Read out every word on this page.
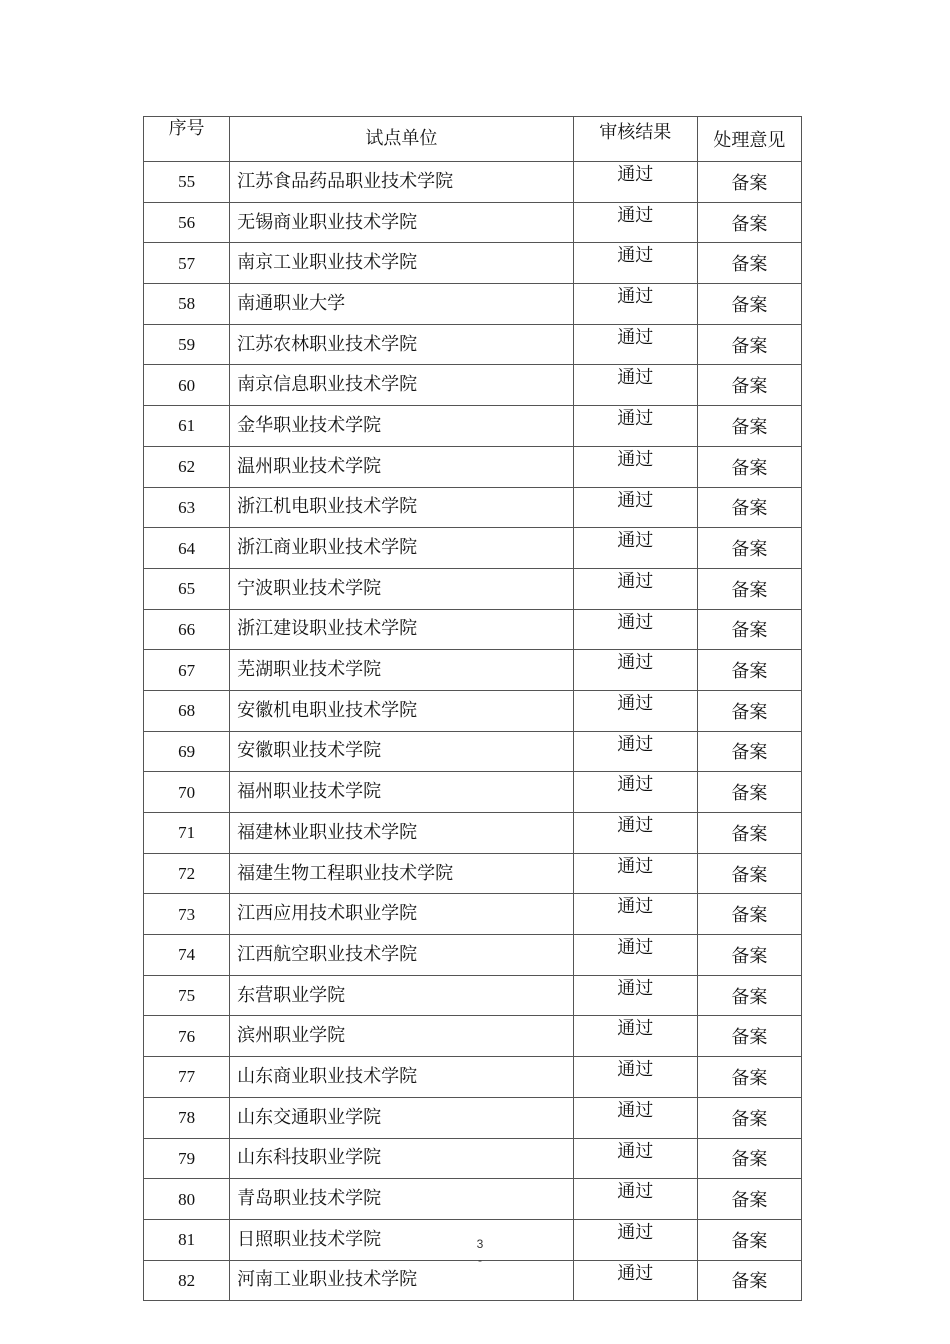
序号	试点单位	审核结果	处理意见
55	江苏食品药品职业技术学院	通过	备案
56	无锡商业职业技术学院	通过	备案
57	南京工业职业技术学院	通过	备案
58	南通职业大学	通过	备案
59	江苏农林职业技术学院	通过	备案
60	南京信息职业技术学院	通过	备案
61	金华职业技术学院	通过	备案
62	温州职业技术学院	通过	备案
63	浙江机电职业技术学院	通过	备案
64	浙江商业职业技术学院	通过	备案
65	宁波职业技术学院	通过	备案
66	浙江建设职业技术学院	通过	备案
67	芜湖职业技术学院	通过	备案
68	安徽机电职业技术学院	通过	备案
69	安徽职业技术学院	通过	备案
70	福州职业技术学院	通过	备案
71	福建林业职业技术学院	通过	备案
72	福建生物工程职业技术学院	通过	备案
73	江西应用技术职业学院	通过	备案
74	江西航空职业技术学院	通过	备案
75	东营职业学院	通过	备案
76	滨州职业学院	通过	备案
77	山东商业职业技术学院	通过	备案
78	山东交通职业学院	通过	备案
79	山东科技职业学院	通过	备案
80	青岛职业技术学院	通过	备案
81	日照职业技术学院	通过	备案
82	河南工业职业技术学院	通过	备案
3
-
